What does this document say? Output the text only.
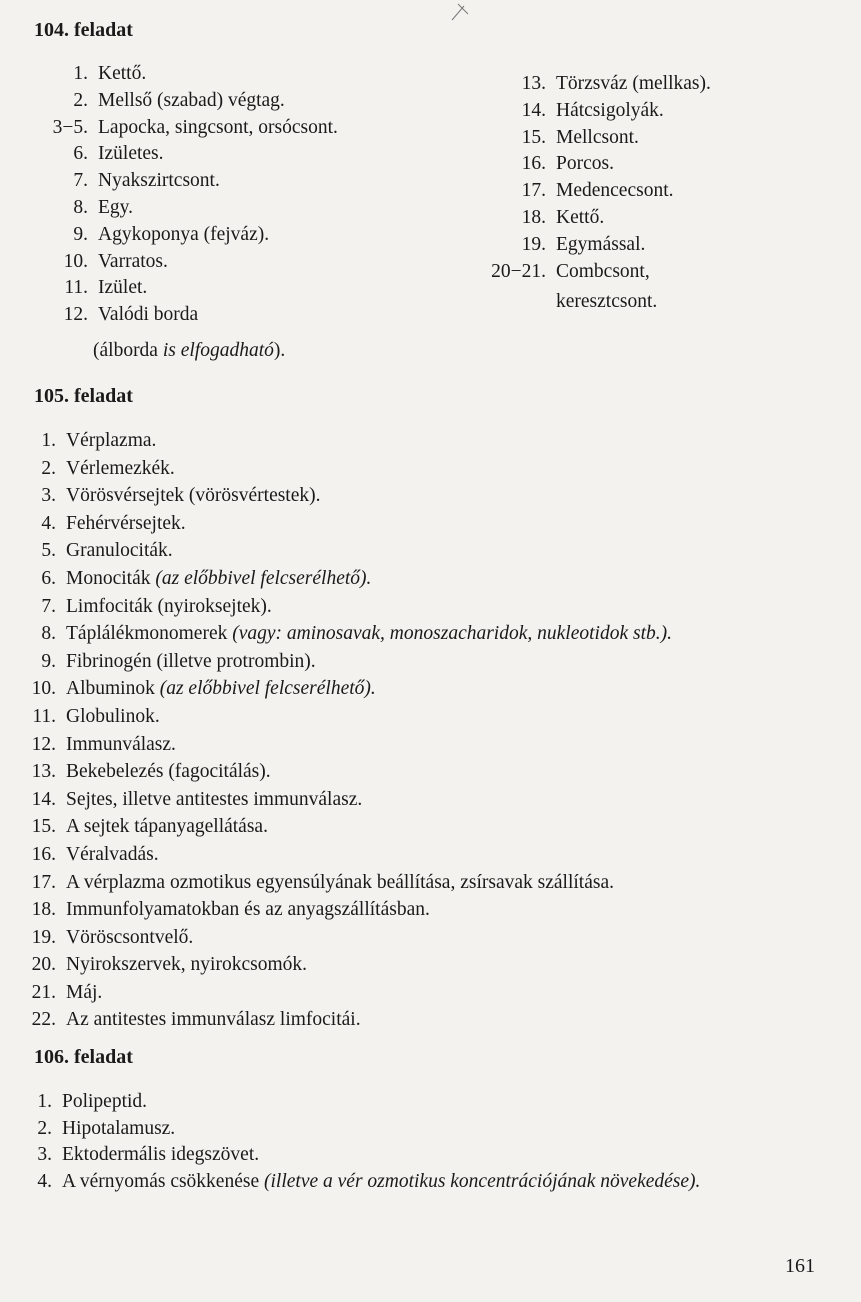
104. feladat
1. Kettő.
2. Mellső (szabad) végtag.
3−5. Lapocka, singcsont, orsócsont.
6. Izületes.
7. Nyakszirtcsont.
8. Egy.
9. Agykoponya (fejváz).
10. Varratos.
11. Izület.
12. Valódi borda
(álborda is elfogadható).
13. Törzsváz (mellkas).
14. Hátcsigolyák.
15. Mellcsont.
16. Porcos.
17. Medencecsont.
18. Kettő.
19. Egymással.
20−21. Combcsont,
keresztcsont.
105. feladat
1. Vérplazma.
2. Vérlemezkék.
3. Vörösvérsejtek (vörösvértestek).
4. Fehérvérsejtek.
5. Granulociták.
6. Monociták (az előbbivel felcserélhető).
7. Limfociták (nyiroksejtek).
8. Táplálékmonomerek (vagy: aminosavak, monoszacharidok, nukleotidok stb.).
9. Fibrinogén (illetve protrombin).
10. Albuminok (az előbbivel felcserélhető).
11. Globulinok.
12. Immunválasz.
13. Bekebelezés (fagocitálás).
14. Sejtes, illetve antitestes immunválasz.
15. A sejtek tápanyagellátása.
16. Véralvadás.
17. A vérplazma ozmotikus egyensúlyának beállítása, zsírsavak szállítása.
18. Immunfolyamatokban és az anyagszállításban.
19. Vöröscsontvelő.
20. Nyirokszervek, nyirokcsomók.
21. Máj.
22. Az antitestes immunválasz limfocitái.
106. feladat
1. Polipeptid.
2. Hipotalamusz.
3. Ektodermális idegszövet.
4. A vérnyomás csökkenése (illetve a vér ozmotikus koncentrációjának növekedése).
161
